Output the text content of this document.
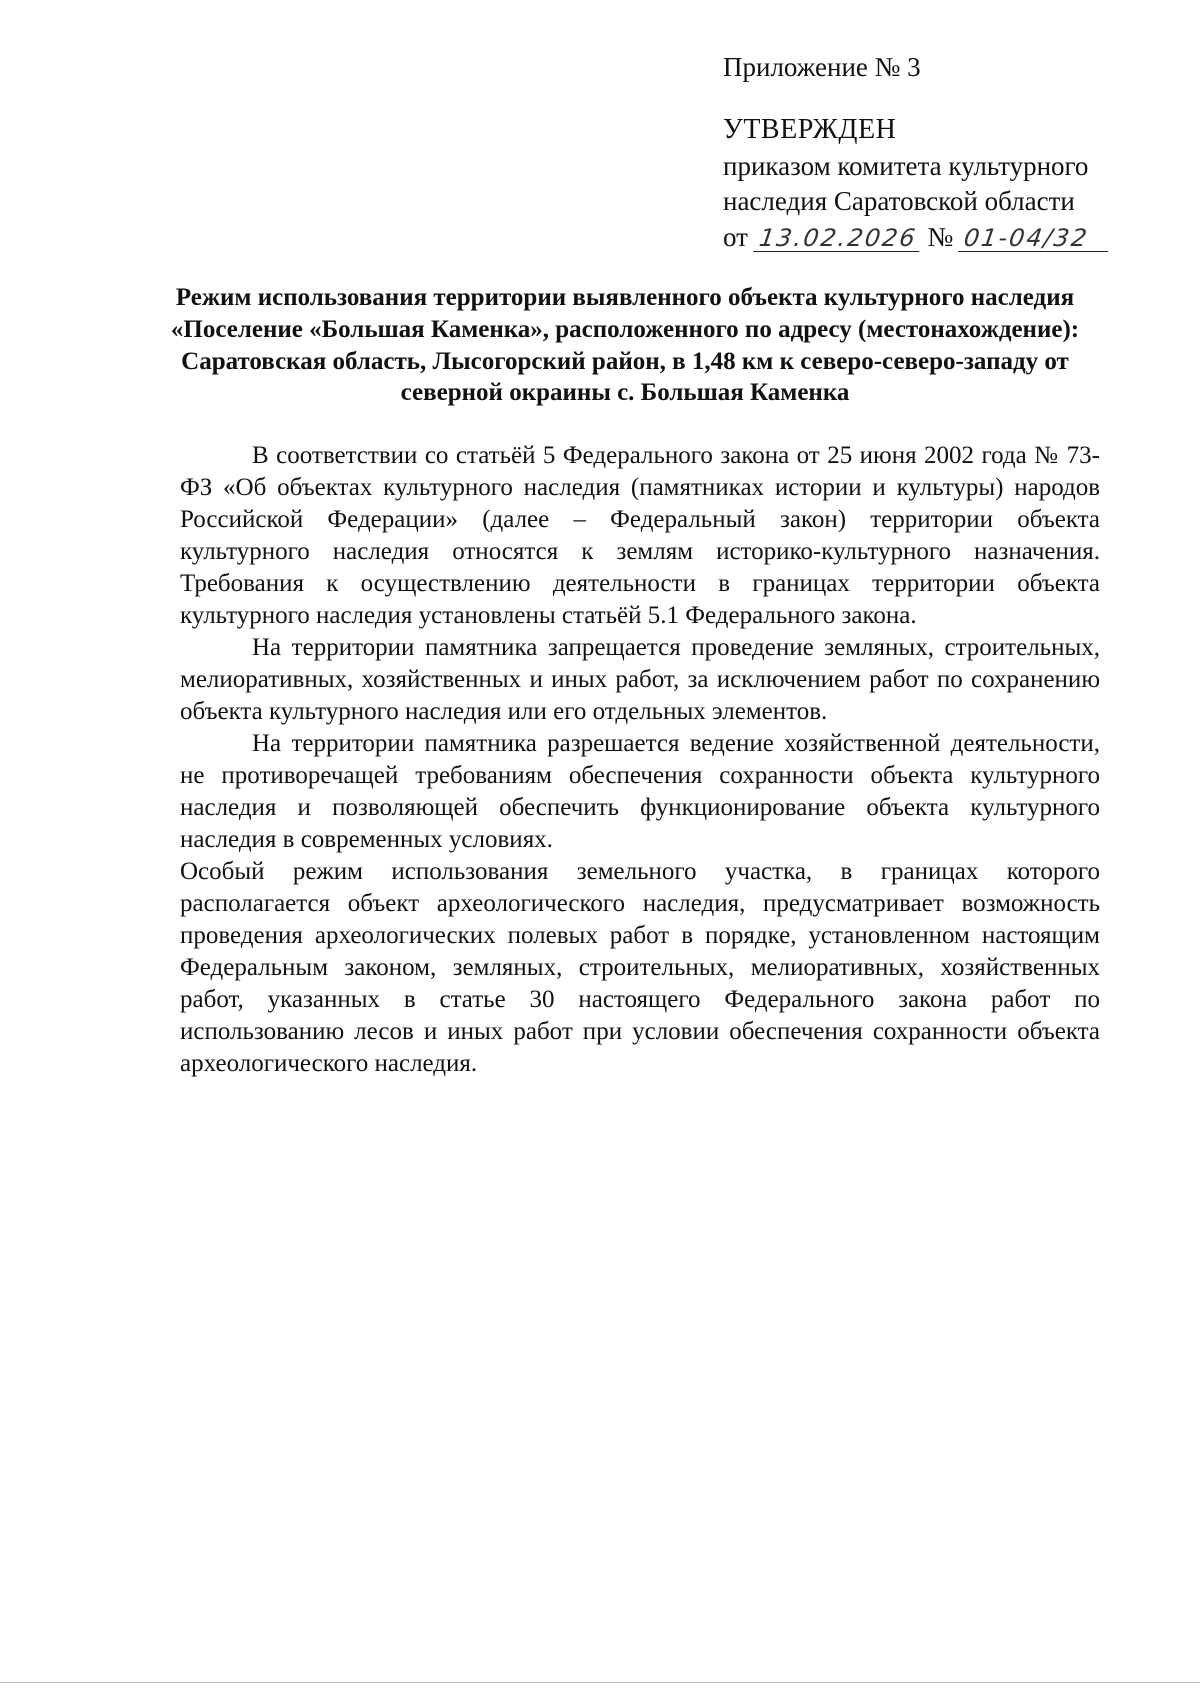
Приложение № 3
УТВЕРЖДЕН
приказом комитета культурного
наследия Саратовской области
от 13.02.2026 № 01-04/32
Режим использования территории выявленного объекта культурного наследия «Поселение «Большая Каменка», расположенного по адресу (местонахождение): Саратовская область, Лысогорский район, в 1,48 км к северо-северо-западу от северной окраины с. Большая Каменка

В соответствии со статьёй 5 Федерального закона от 25 июня 2002 года № 73-ФЗ «Об объектах культурного наследия (памятниках истории и культуры) народов Российской Федерации» (далее – Федеральный закон) территории объекта культурного наследия относятся к землям историко-культурного назначения. Требования к осуществлению деятельности в границах территории объекта культурного наследия установлены статьёй 5.1 Федерального закона.

На территории памятника запрещается проведение земляных, строительных, мелиоративных, хозяйственных и иных работ, за исключением работ по сохранению объекта культурного наследия или его отдельных элементов.

На территории памятника разрешается ведение хозяйственной деятельности, не противоречащей требованиям обеспечения сохранности объекта культурного наследия и позволяющей обеспечить функционирование объекта культурного наследия в современных условиях.

Особый режим использования земельного участка, в границах которого располагается объект археологического наследия, предусматривает возможность проведения археологических полевых работ в порядке, установленном настоящим Федеральным законом, земляных, строительных, мелиоративных, хозяйственных работ, указанных в статье 30 настоящего Федерального закона работ по использованию лесов и иных работ при условии обеспечения сохранности объекта археологического наследия.
